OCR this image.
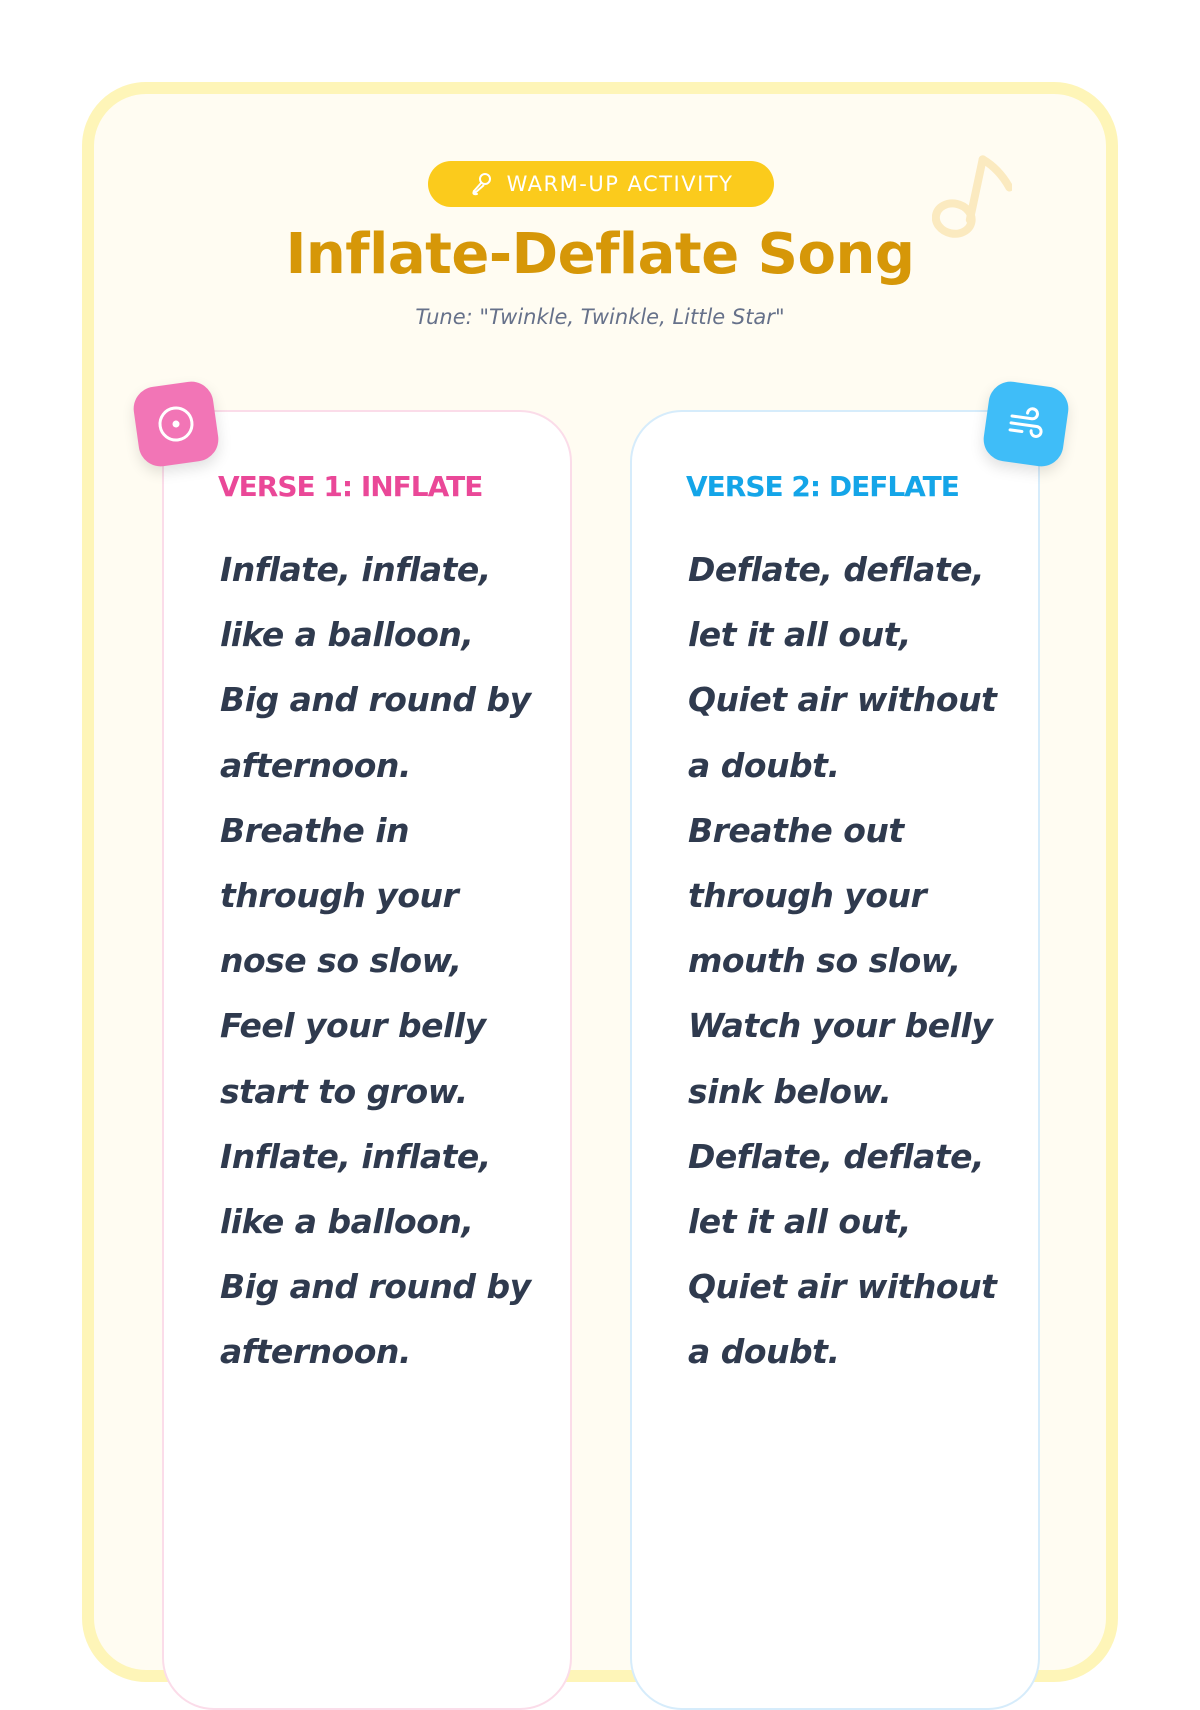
WARM-UP ACTIVITY
Inflate-Deflate Song
Tune: "Twinkle, Twinkle, Little Star"
VERSE 1: INFLATE
Inflate, inflate, like a balloon,
Big and round by afternoon.
Breathe in through your nose so slow,
Feel your belly start to grow.
Inflate, inflate, like a balloon,
Big and round by afternoon.
VERSE 2: DEFLATE
Deflate, deflate, let it all out,
Quiet air without a doubt.
Breathe out through your mouth so slow,
Watch your belly sink below.
Deflate, deflate, let it all out,
Quiet air without a doubt.
